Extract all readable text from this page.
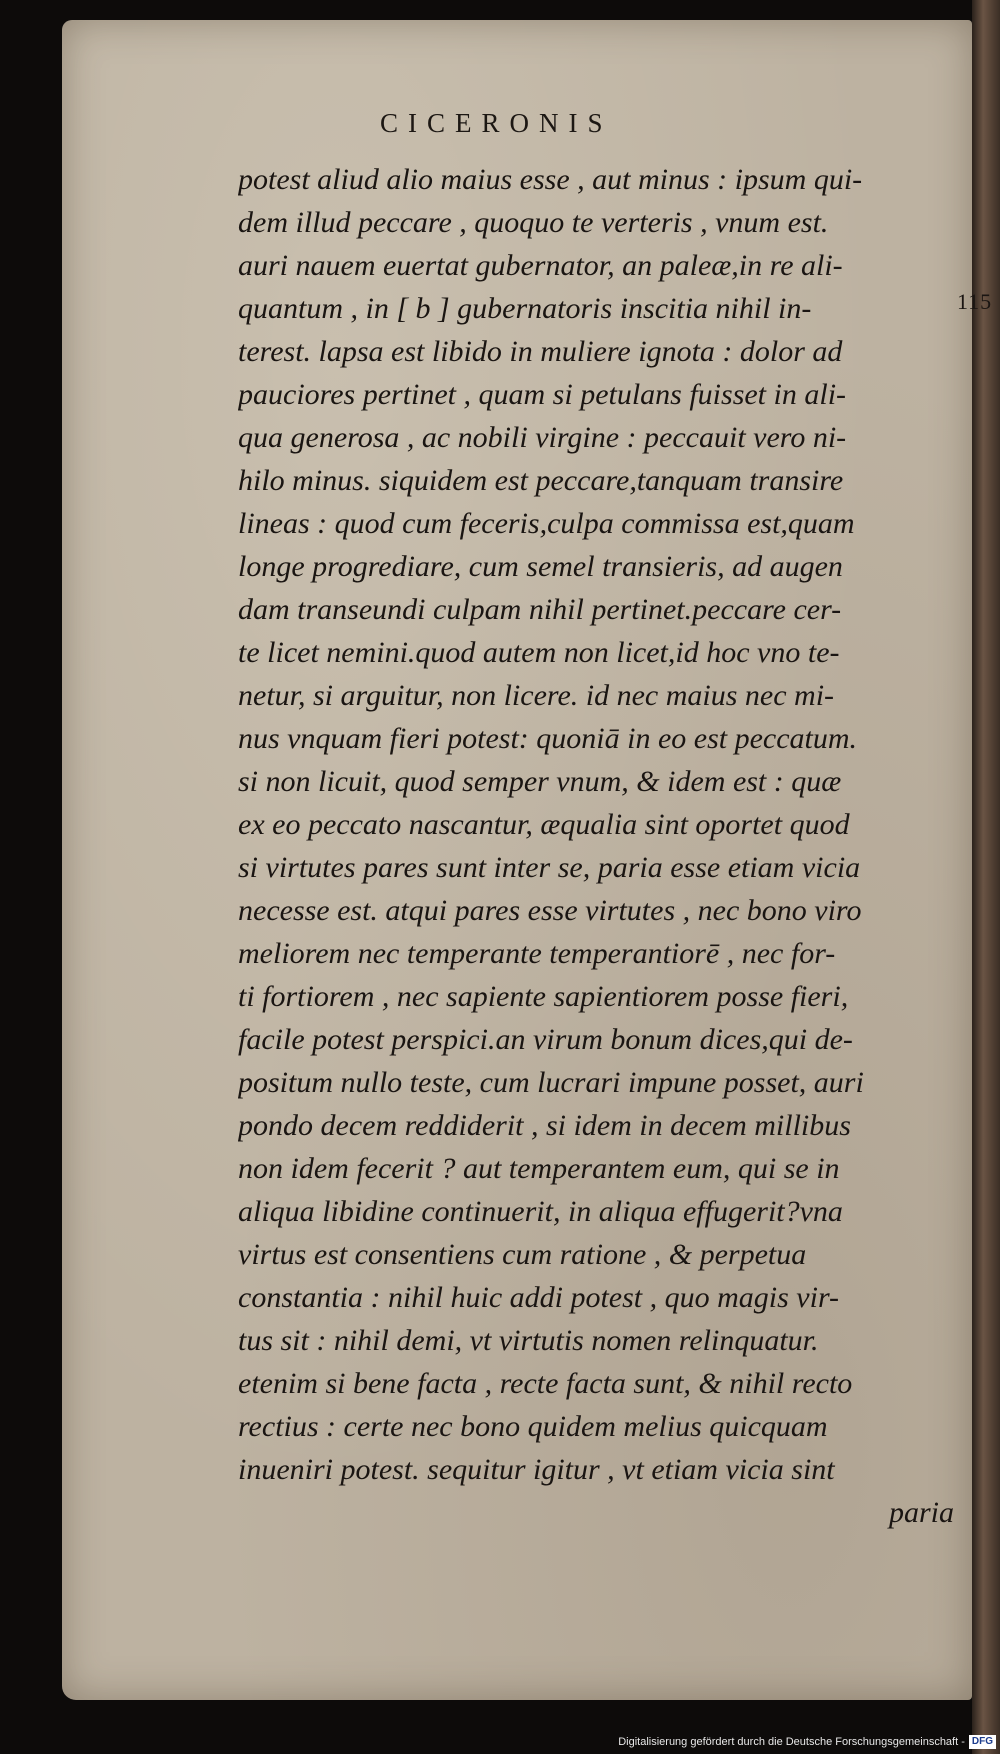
CICERONIS
115
potest aliud alio maius esse , aut minus : ipsum qui-
dem illud peccare , quoquo te verteris , vnum est.
auri nauem euertat gubernator, an paleæ,in re ali-
quantum , in [ b ] gubernatoris inscitia nihil in-
terest. lapsa est libido in muliere ignota : dolor ad
pauciores pertinet , quam si petulans fuisset in ali-
qua generosa , ac nobili virgine : peccauit vero ni-
hilo minus. siquidem est peccare,tanquam transire
lineas : quod cum feceris,culpa commissa est,quam
longe progrediare, cum semel transieris, ad augen
dam transeundi culpam nihil pertinet.peccare cer-
te licet nemini.quod autem non licet,id hoc vno te-
netur, si arguitur, non licere. id nec maius nec mi-
nus vnquam fieri potest: quoniā in eo est peccatum.
si non licuit, quod semper vnum, & idem est : quæ
ex eo peccato nascantur, æqualia sint oportet quod
si virtutes pares sunt inter se, paria esse etiam vicia
necesse est. atqui pares esse virtutes , nec bono viro
meliorem nec temperante temperantiorē , nec for-
ti fortiorem , nec sapiente sapientiorem posse fieri,
facile potest perspici.an virum bonum dices,qui de-
positum nullo teste, cum lucrari impune posset, auri
pondo decem reddiderit , si idem in decem millibus
non idem fecerit ? aut temperantem eum, qui se in
aliqua libidine continuerit, in aliqua effugerit?vna
virtus est consentiens cum ratione , & perpetua
constantia : nihil huic addi potest , quo magis vir-
tus sit : nihil demi, vt virtutis nomen relinquatur.
etenim si bene facta , recte facta sunt, & nihil recto
rectius : certe nec bono quidem melius quicquam
inueniri potest. sequitur igitur , vt etiam vicia sint
paria
Digitalisierung gefördert durch die Deutsche Forschungsgemeinschaft - DFG
